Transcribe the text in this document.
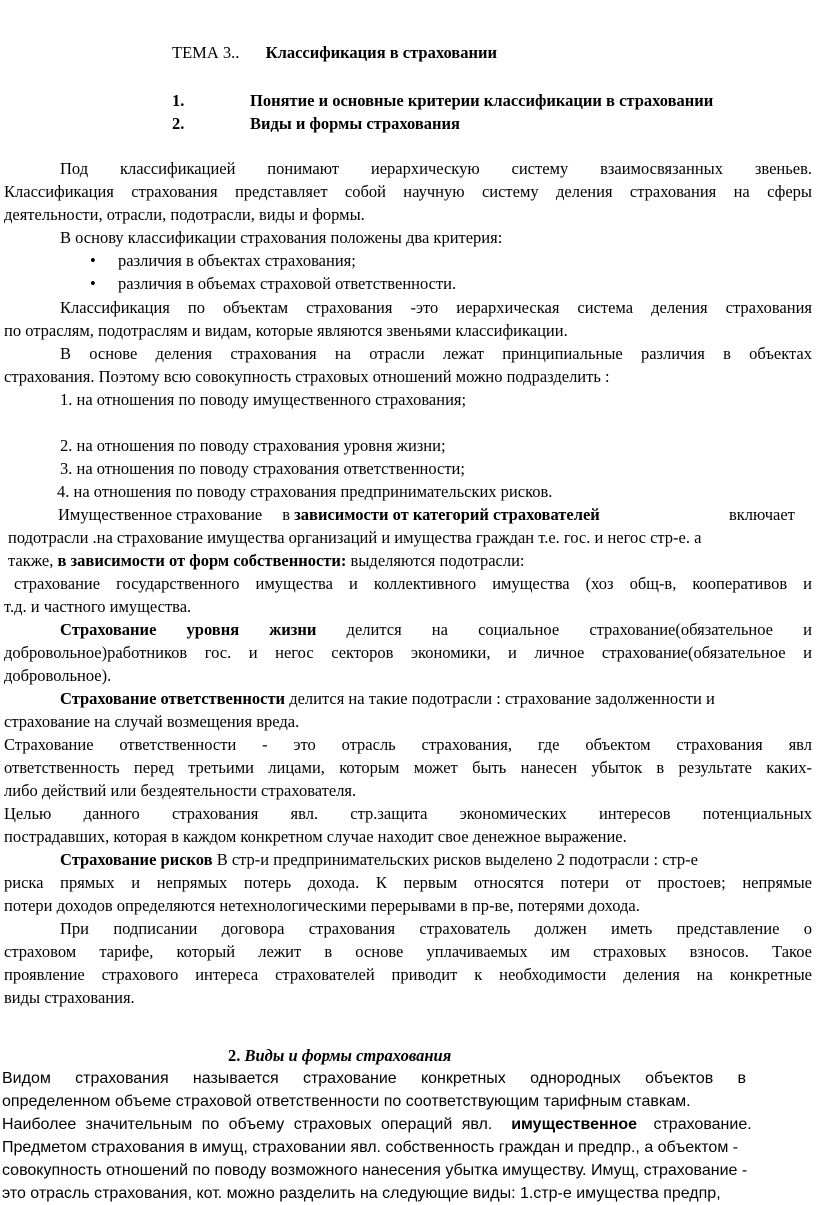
ТЕМА 3.. Классификация в страховании
1.	Понятие и основные критерии классификации в страховании
2.	Виды и формы страхования
Под классификацией понимают иерархическую систему взаимосвязанных звеньев.
Классификация страхования представляет собой научную систему деления страхования на сферы
деятельности, отрасли, подотрасли, виды и формы.
В основу классификации страхования положены два критерия:
• различия в объектах страхования;
• различия в объемах страховой ответственности.
Классификация по объектам страхования -это иерархическая система деления страхования
по отраслям, подотраслям и видам, которые являются звеньями классификации.
В основе деления страхования на отрасли лежат принципиальные различия в объектах
страхования. Поэтому всю совокупность страховых отношений можно подразделить :
1. на отношения по поводу имущественного страхования;
2. на отношения по поводу страхования уровня жизни;
3. на отношения по поводу страхования ответственности;
4. на отношения по поводу страхования предпринимательских рисков.
Имущественное страхование в зависимости от категорий страхователей	включает
подотрасли .на страхование имущества организаций и имущества граждан т.е. гос. и негос стр-е. а
также, в зависимости от форм собственности: выделяются подотрасли:
страхование государственного имущества и коллективного имущества (хоз общ-в, кооперативов и
т.д. и частного имущества.
Страхование уровня жизни делится на социальное страхование(обязательное и
добровольное)работников гос. и негос секторов экономики, и личное страхование(обязательное и
добровольное).
Страхование ответственности делится на такие подотрасли : страхование задолженности и
страхование на случай возмещения вреда.
Страхование ответственности - это отрасль страхования, где объектом страхования явл
ответственность перед третьими лицами, которым может быть нанесен убыток в результате каких-
либо действий или бездеятельности страхователя.
Целью данного страхования явл. стр.защита экономических интересов потенциальных
пострадавших, которая в каждом конкретном случае находит свое денежное выражение.
Страхование рисков В стр-и предпринимательских рисков выделено 2 подотрасли : стр-е
риска прямых и непрямых потерь дохода. К первым относятся потери от простоев; непрямые
потери доходов определяются нетехнологическими перерывами в пр-ве, потерями дохода.
При подписании договора страхования страхователь должен иметь представление о
страховом тарифе, который лежит в основе уплачиваемых им страховых взносов. Такое
проявление страхового интереса страхователей приводит к необходимости деления на конкретные
виды страхования.
2. Виды и формы страхования
Видом страхования называется страхование конкретных однородных объектов в
определенном объеме страховой ответственности по соответствующим тарифным ставкам.
Наиболее значительным по объему страховых операций явл. имущественное страхование.
Предметом страхования в имущ, страховании явл. собственность граждан и предпр., а объектом -
совокупность отношений по поводу возможного нанесения убытка имуществу. Имущ, страхование -
это отрасль страхования, кот. можно разделить на следующие виды: 1.стр-е имущества предпр,
